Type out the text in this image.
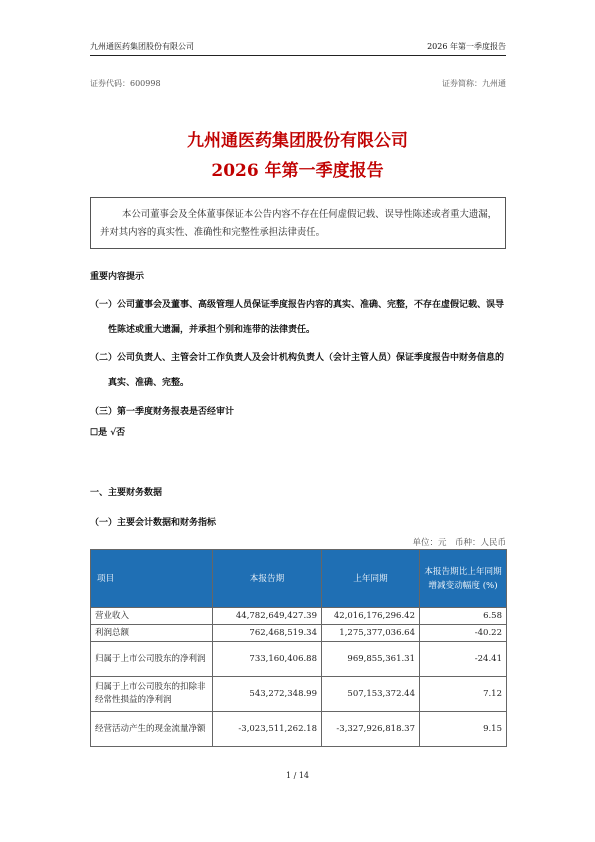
九州通医药集团股份有限公司	2026 年第一季度报告
证券代码：600998	证券简称：九州通
九州通医药集团股份有限公司
2026 年第一季度报告
本公司董事会及全体董事保证本公告内容不存在任何虚假记载、误导性陈述或者重大遗漏，并对其内容的真实性、准确性和完整性承担法律责任。
重要内容提示
（一）公司董事会及董事、高级管理人员保证季度报告内容的真实、准确、完整，不存在虚假记载、误导性陈述或重大遗漏，并承担个别和连带的法律责任。
（二）公司负责人、主管会计工作负责人及会计机构负责人（会计主管人员）保证季度报告中财务信息的真实、准确、完整。
（三）第一季度财务报表是否经审计
☐是 √否
一、主要财务数据
（一）主要会计数据和财务指标
单位：元　币种：人民币
项目	本报告期	上年同期	本报告期比上年同期增减变动幅度 (%)
营业收入	44,782,649,427.39	42,016,176,296.42	6.58
利润总额	762,468,519.34	1,275,377,036.64	-40.22
归属于上市公司股东的净利润	733,160,406.88	969,855,361.31	-24.41
归属于上市公司股东的扣除非经常性损益的净利润	543,272,348.99	507,153,372.44	7.12
经营活动产生的现金流量净额	-3,023,511,262.18	-3,327,926,818.37	9.15
1 / 14
